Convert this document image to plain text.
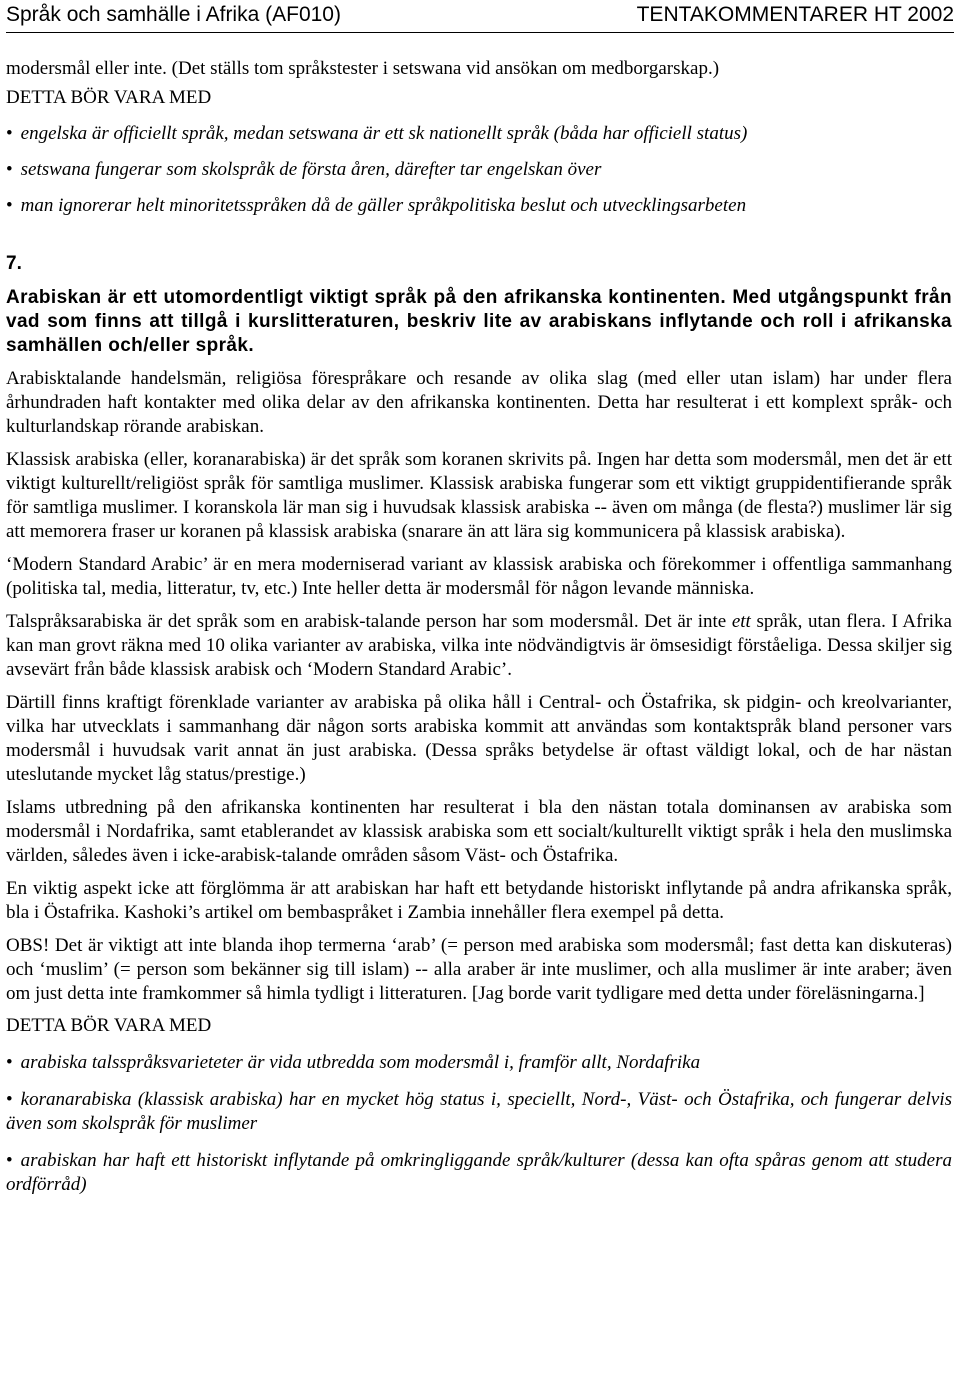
Språk och samhälle i Afrika (AF010)	TENTAKOMMENTARER HT 2002

modersmål eller inte. (Det ställs tom språkstester i setswana vid ansökan om medborgarskap.)

DETTA BÖR VARA MED

• engelska är officiellt språk, medan setswana är ett sk nationellt språk (båda har officiell status)

• setswana fungerar som skolspråk de första åren, därefter tar engelskan över

• man ignorerar helt minoritetsspråken då de gäller språkpolitiska beslut och utvecklingsarbeten

7.

Arabiskan är ett utomordentligt viktigt språk på den afrikanska kontinenten. Med utgångspunkt från vad som finns att tillgå i kurslitteraturen, beskriv lite av arabiskans inflytande och roll i afrikanska samhällen och/eller språk.

Arabisktalande handelsmän, religiösa förespråkare och resande av olika slag (med eller utan islam) har under flera århundraden haft kontakter med olika delar av den afrikanska kontinenten. Detta har resulterat i ett komplext språk- och kulturlandskap rörande arabiskan.

Klassisk arabiska (eller, koranarabiska) är det språk som koranen skrivits på. Ingen har detta som modersmål, men det är ett viktigt kulturellt/religiöst språk för samtliga muslimer. Klassisk arabiska fungerar som ett viktigt gruppidentifierande språk för samtliga muslimer. I koranskola lär man sig i huvudsak klassisk arabiska -- även om många (de flesta?) muslimer lär sig att memorera fraser ur koranen på klassisk arabiska (snarare än att lära sig kommunicera på klassisk arabiska).

‘Modern Standard Arabic’ är en mera moderniserad variant av klassisk arabiska och förekommer i offentliga sammanhang (politiska tal, media, litteratur, tv, etc.) Inte heller detta är modersmål för någon levande människa.

Talspråksarabiska är det språk som en arabisk-talande person har som modersmål. Det är inte ett språk, utan flera. I Afrika kan man grovt räkna med 10 olika varianter av arabiska, vilka inte nödvändigtvis är ömsesidigt förståeliga. Dessa skiljer sig avsevärt från både klassisk arabisk och ‘Modern Standard Arabic’.

Därtill finns kraftigt förenklade varianter av arabiska på olika håll i Central- och Östafrika, sk pidgin- och kreolvarianter, vilka har utvecklats i sammanhang där någon sorts arabiska kommit att användas som kontaktspråk bland personer vars modersmål i huvudsak varit annat än just arabiska. (Dessa språks betydelse är oftast väldigt lokal, och de har nästan uteslutande mycket låg status/prestige.)

Islams utbredning på den afrikanska kontinenten har resulterat i bla den nästan totala dominansen av arabiska som modersmål i Nordafrika, samt etablerandet av klassisk arabiska som ett socialt/kulturellt viktigt språk i hela den muslimska världen, således även i icke-arabisk-talande områden såsom Väst- och Östafrika.

En viktig aspekt icke att förglömma är att arabiskan har haft ett betydande historiskt inflytande på andra afrikanska språk, bla i Östafrika. Kashoki’s artikel om bembaspråket i Zambia innehåller flera exempel på detta.

OBS! Det är viktigt att inte blanda ihop termerna ‘arab’ (= person med arabiska som modersmål; fast detta kan diskuteras) och ‘muslim’ (= person som bekänner sig till islam) -- alla araber är inte muslimer, och alla muslimer är inte araber; även om just detta inte framkommer så himla tydligt i litteraturen. [Jag borde varit tydligare med detta under föreläsningarna.]

DETTA BÖR VARA MED

• arabiska talsspråksvarieteter är vida utbredda som modersmål i, framför allt, Nordafrika

• koranarabiska (klassisk arabiska) har en mycket hög status i, speciellt, Nord-, Väst- och Östafrika, och fungerar delvis även som skolspråk för muslimer

• arabiskan har haft ett historiskt inflytande på omkringliggande språk/kulturer (dessa kan ofta spåras genom att studera ordförråd)
